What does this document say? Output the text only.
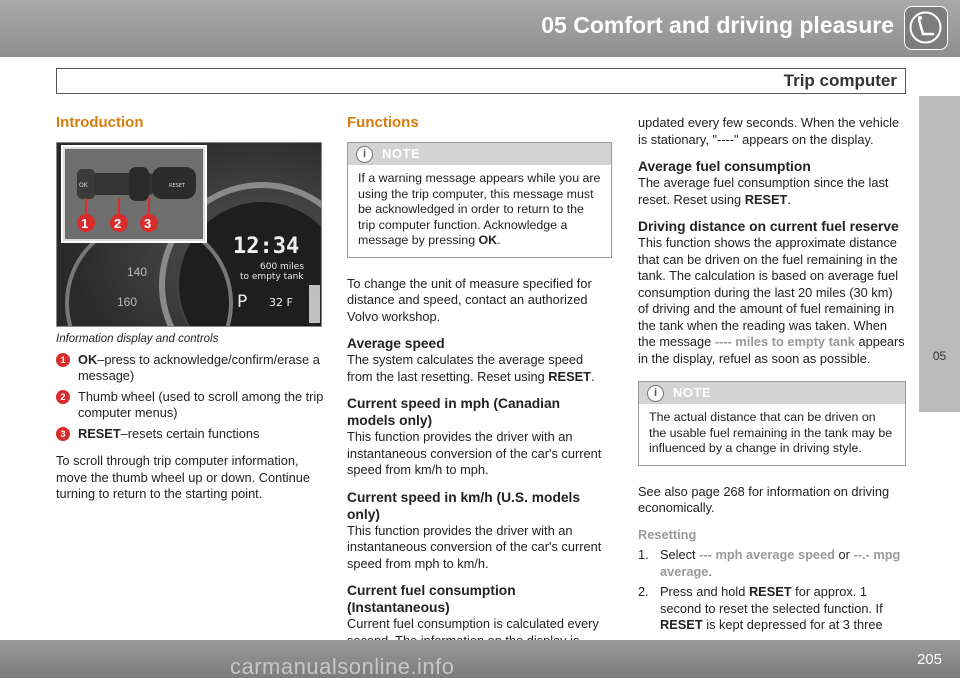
05 Comfort and driving pleasure
Trip computer
05
Introduction
140
160
12:34
600 miles
to empty tank
P 32 F
OK	RESET
1 2 3
Information display and controls
1 OK–press to acknowledge/confirm/erase a message)
2 Thumb wheel (used to scroll among the trip computer menus)
3 RESET–resets certain functions

To scroll through trip computer information, move the thumb wheel up or down. Continue turning to return to the starting point.

Functions
i	NOTE
If a warning message appears while you are using the trip computer, this message must be acknowledged in order to return to the trip computer function. Acknowledge a message by pressing OK.

To change the unit of measure specified for distance and speed, contact an authorized Volvo workshop.

Average speed

The system calculates the average speed from the last resetting. Reset using RESET.

Current speed in mph (Canadian models only)

This function provides the driver with an instantaneous conversion of the car's current speed from km/h to mph.

Current speed in km/h (U.S. models only)

This function provides the driver with an instantaneous conversion of the car's current speed from mph to km/h.

Current fuel consumption (Instantaneous)

Current fuel consumption is calculated every

updated every few seconds. When the vehicle is stationary, "----" appears on the display.

Average fuel consumption

The average fuel consumption since the last reset. Reset using RESET.

Driving distance on current fuel reserve

This function shows the approximate distance that can be driven on the fuel remaining in the tank. The calculation is based on average fuel consumption during the last 20 miles (30 km) of driving and the amount of fuel remaining in the tank when the reading was taken. When the message ---- miles to empty tank appears in the display, refuel as soon as possible.

i	NOTE
The actual distance that can be driven on the usable fuel remaining in the tank may be influenced by a change in driving style.

See also page 268 for information on driving economically.

Resetting
1. Select --- mph average speed or --.- mpg average.
2. Press and hold RESET for approx. 1 second to reset the selected function. If RESET is kept depressed for at 3 three
205
carmanualsonline.info
